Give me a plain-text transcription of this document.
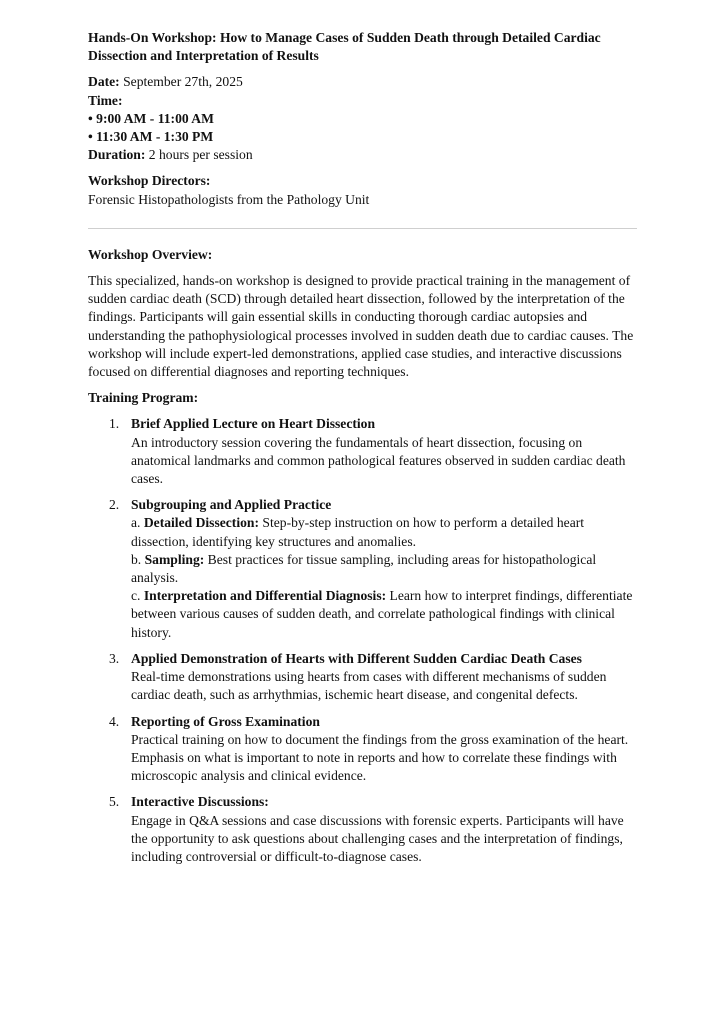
Hands-On Workshop: How to Manage Cases of Sudden Death through Detailed Cardiac Dissection and Interpretation of Results

Date: September 27th, 2025

Time:

• 9:00 AM - 11:00 AM

• 11:30 AM - 1:30 PM

Duration: 2 hours per session

Workshop Directors:

Forensic Histopathologists from the Pathology Unit

Workshop Overview:

This specialized, hands-on workshop is designed to provide practical training in the management of sudden cardiac death (SCD) through detailed heart dissection, followed by the interpretation of the findings. Participants will gain essential skills in conducting thorough cardiac autopsies and understanding the pathophysiological processes involved in sudden death due to cardiac causes. The workshop will include expert-led demonstrations, applied case studies, and interactive discussions focused on differential diagnoses and reporting techniques.

Training Program:

1. Brief Applied Lecture on Heart Dissection
An introductory session covering the fundamentals of heart dissection, focusing on anatomical landmarks and common pathological features observed in sudden cardiac death cases.
2. Subgrouping and Applied Practice
a. Detailed Dissection: Step-by-step instruction on how to perform a detailed heart dissection, identifying key structures and anomalies.
b. Sampling: Best practices for tissue sampling, including areas for histopathological analysis.
c. Interpretation and Differential Diagnosis: Learn how to interpret findings, differentiate between various causes of sudden death, and correlate pathological findings with clinical history.
3. Applied Demonstration of Hearts with Different Sudden Cardiac Death Cases
Real-time demonstrations using hearts from cases with different mechanisms of sudden cardiac death, such as arrhythmias, ischemic heart disease, and congenital defects.
4. Reporting of Gross Examination
Practical training on how to document the findings from the gross examination of the heart. Emphasis on what is important to note in reports and how to correlate these findings with microscopic analysis and clinical evidence.
5. Interactive Discussions:
Engage in Q&A sessions and case discussions with forensic experts. Participants will have the opportunity to ask questions about challenging cases and the interpretation of findings, including controversial or difficult-to-diagnose cases.
